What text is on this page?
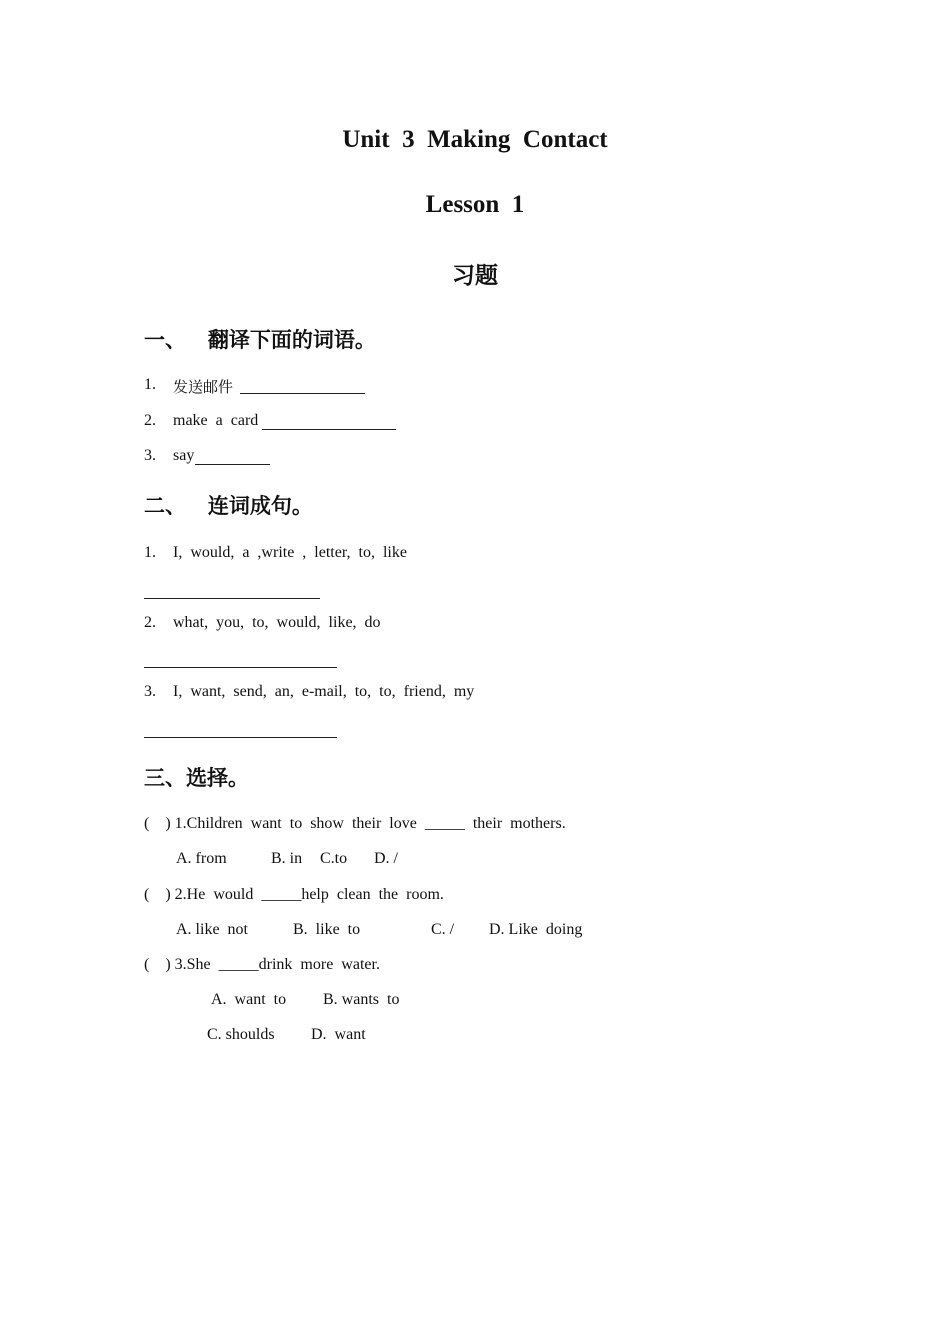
Unit  3  Making  Contact
Lesson  1
习题
一、   翻译下面的词语。
1. 发送邮件
2. make  a  card
3. say
二、   连词成句。
1. I,  would,  a  ,write  ,  letter,  to,  like
2. what,  you,  to,  would,  like,  do
3. I,  want,  send,  an,  e-mail,  to,  to,  friend,  my
三、选择。
(    ) 1.Children  want  to  show  their  love  _____  their  mothers.
A. from	B. in C.to D. /
(    ) 2.He  would  _____help  clean  the  room.
A. like  not	B.  like  to	C. / D. Like  doing
(    ) 3.She  _____drink  more  water.
A.  want  to B. wants  to
C. shoulds D.  want
